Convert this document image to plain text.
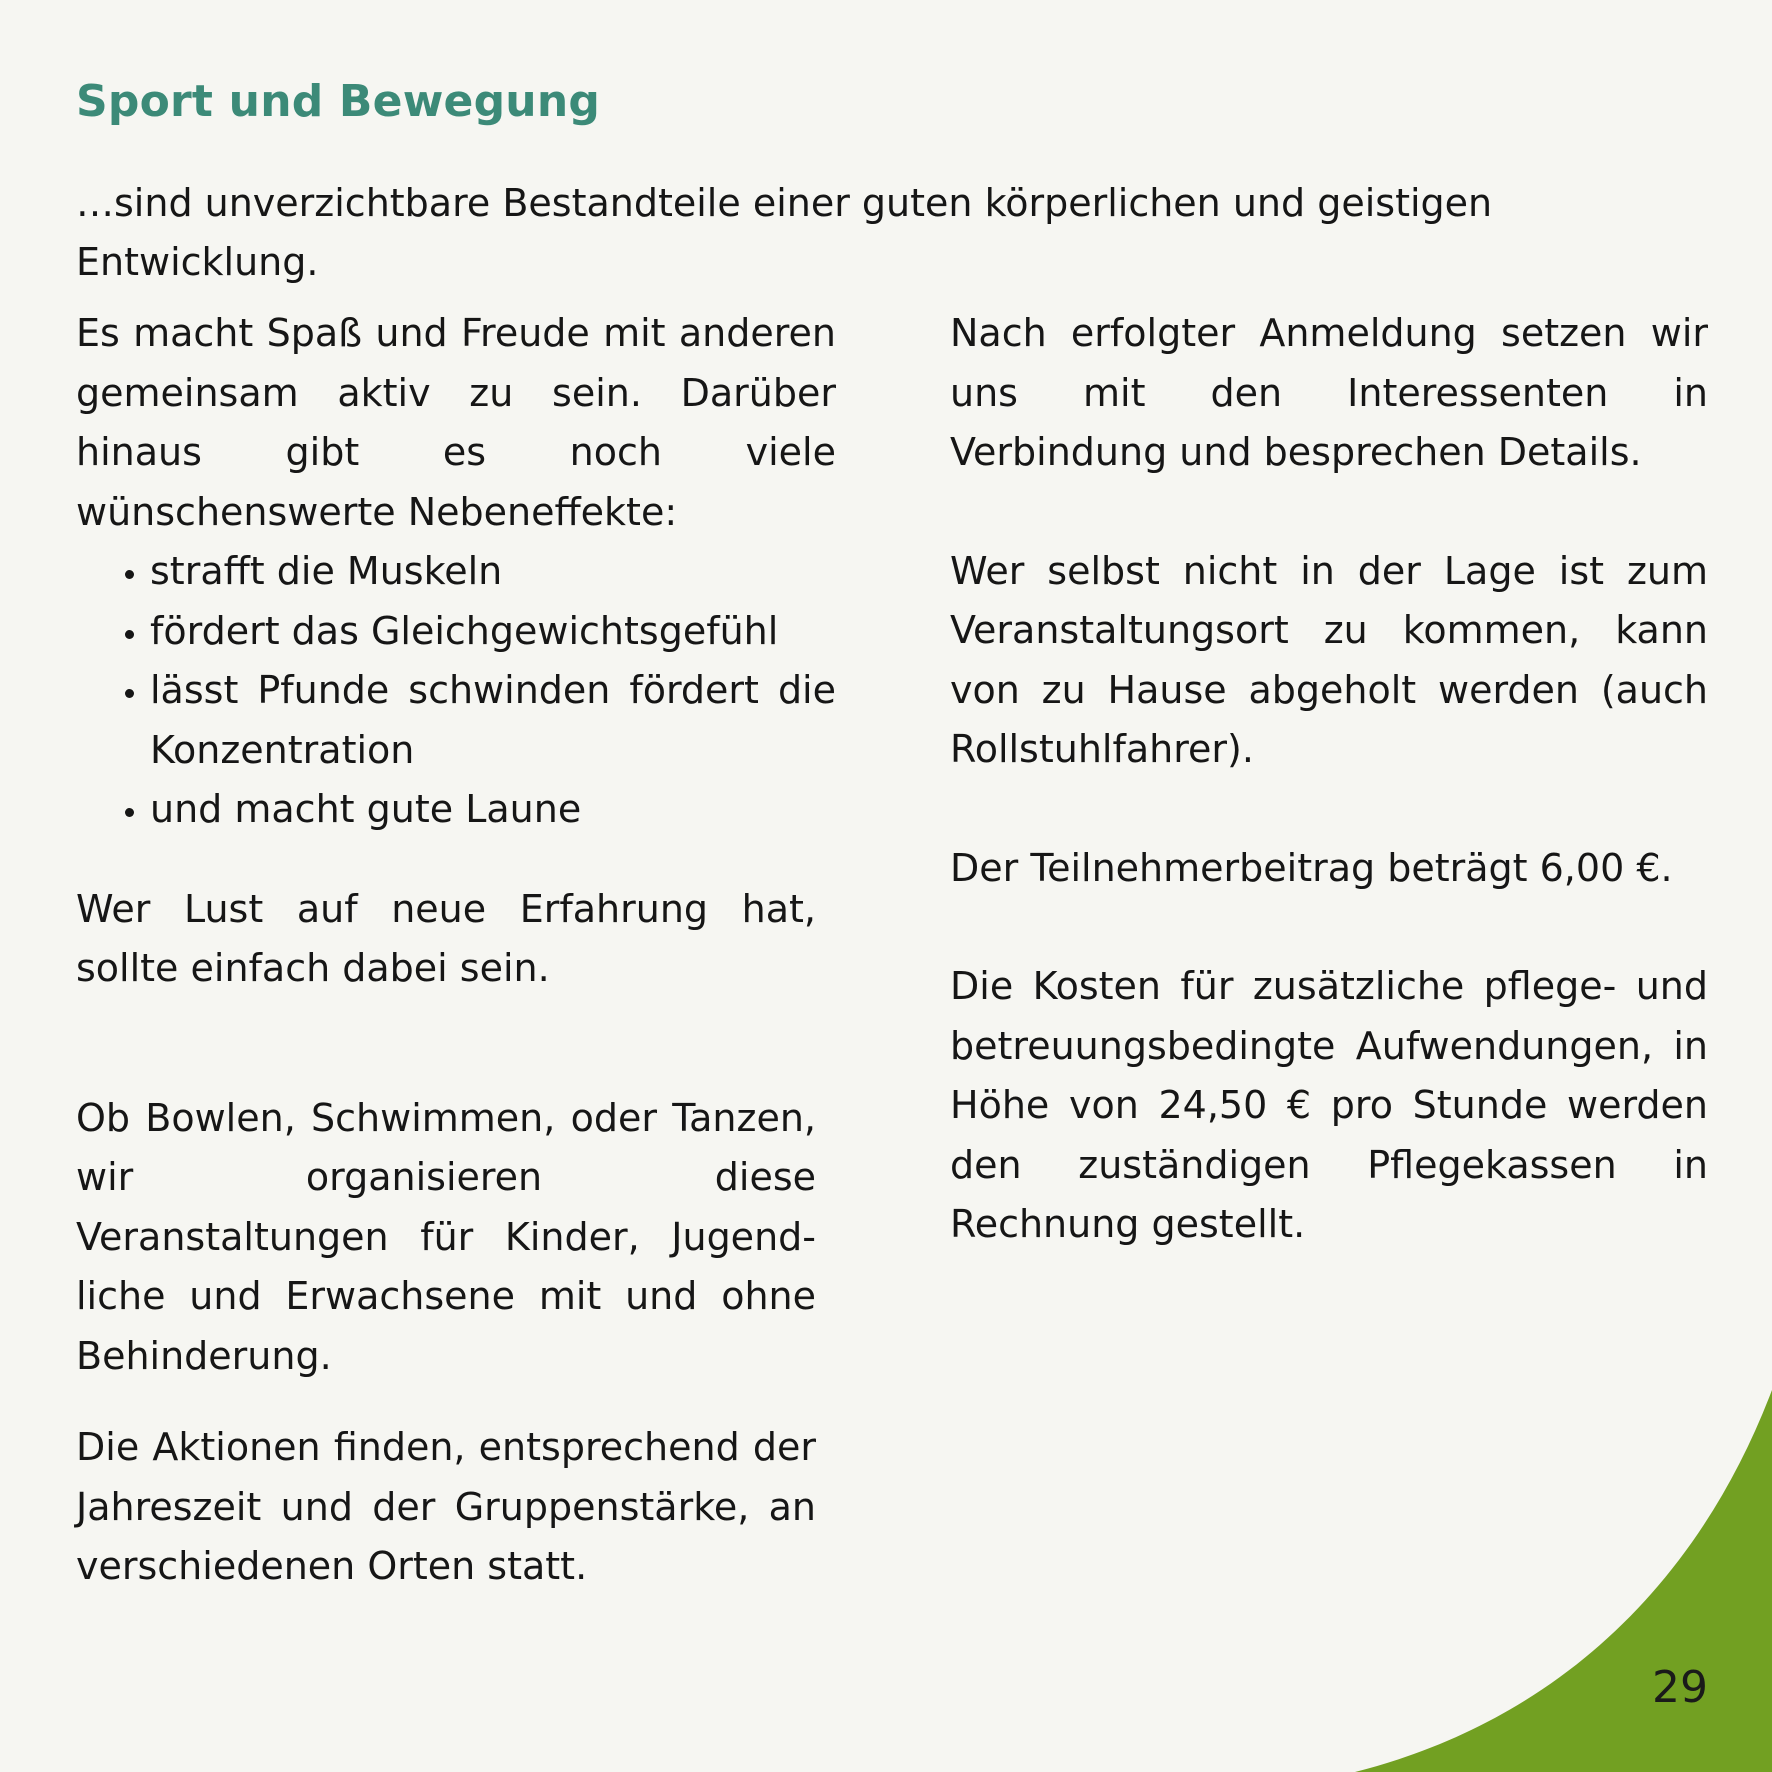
Sport und Bewegung

…sind unverzichtbare Bestandteile einer guten körperlichen und geistigen Entwicklung.

Es macht Spaß und Freude mit anderen gemeinsam aktiv zu sein. Darüber hinaus gibt es noch viele wünschenswerte Nebeneffekte:

• strafft die Muskeln
• fördert das Gleichgewichtsgefühl
• lässt Pfunde schwinden fördert die Konzentration
• und macht gute Laune

Wer Lust auf neue Erfahrung hat, sollte einfach dabei sein.

Ob Bowlen, Schwimmen, oder Tanzen, wir organisieren diese Veranstaltungen für Kinder, Jugendliche und Erwachsene mit und ohne Behinderung.

Die Aktionen finden, entsprechend der Jahreszeit und der Gruppenstärke, an verschiedenen Orten statt.

Nach erfolgter Anmeldung setzen wir uns mit den Interessenten in Verbindung und besprechen Details.

Wer selbst nicht in der Lage ist zum Veranstaltungsort zu kommen, kann von zu Hause abgeholt werden (auch Rollstuhlfahrer).

Der Teilnehmerbeitrag beträgt 6,00 €.

Die Kosten für zusätzliche pflege- und betreuungsbedingte Aufwendungen, in Höhe von 24,50 € pro Stunde werden den zuständigen Pflegekassen in Rechnung gestellt.

29
